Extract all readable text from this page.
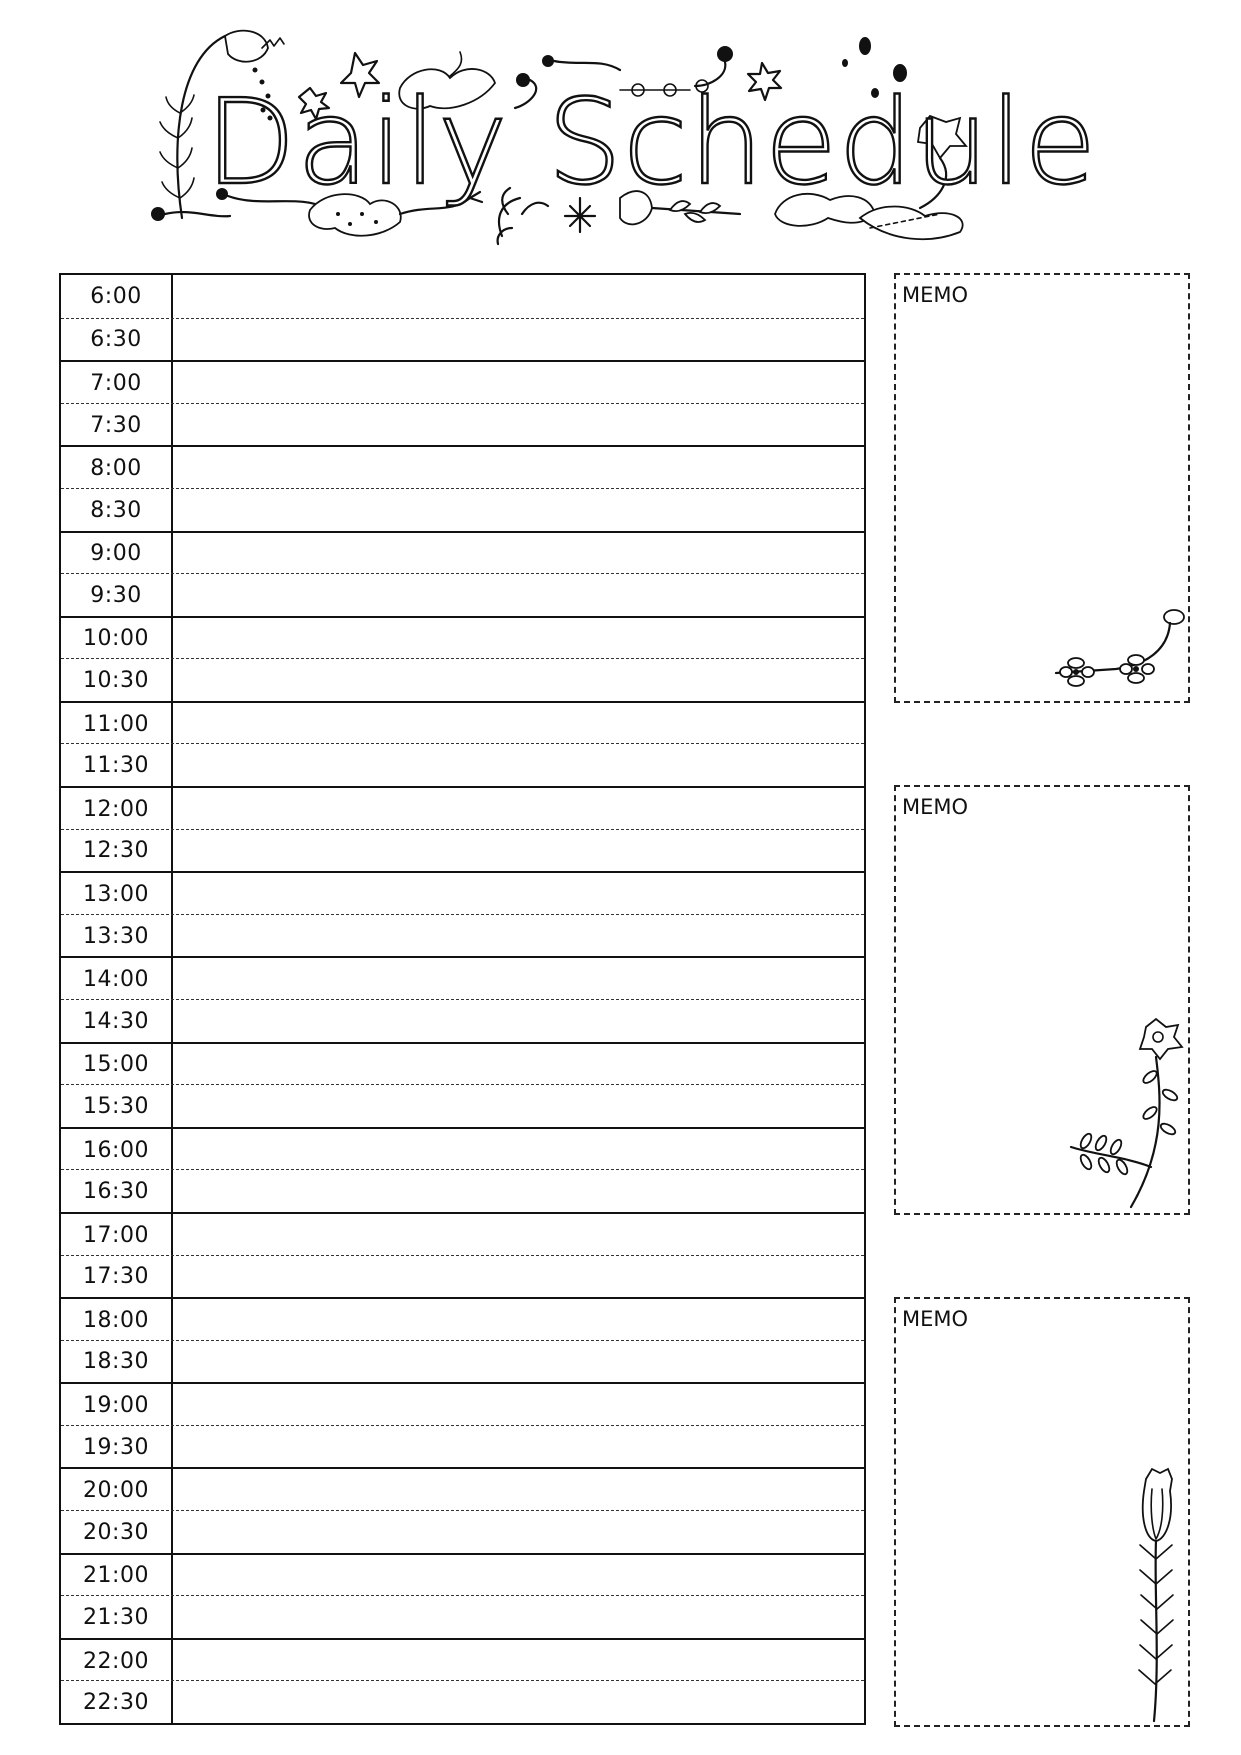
Daily Schedule
6:00
6:30
7:00
7:30
8:00
8:30
9:00
9:30
10:00
10:30
11:00
11:30
12:00
12:30
13:00
13:30
14:00
14:30
15:00
15:30
16:00
16:30
17:00
17:30
18:00
18:30
19:00
19:30
20:00
20:30
21:00
21:30
22:00
22:30
MEMO
MEMO
MEMO
